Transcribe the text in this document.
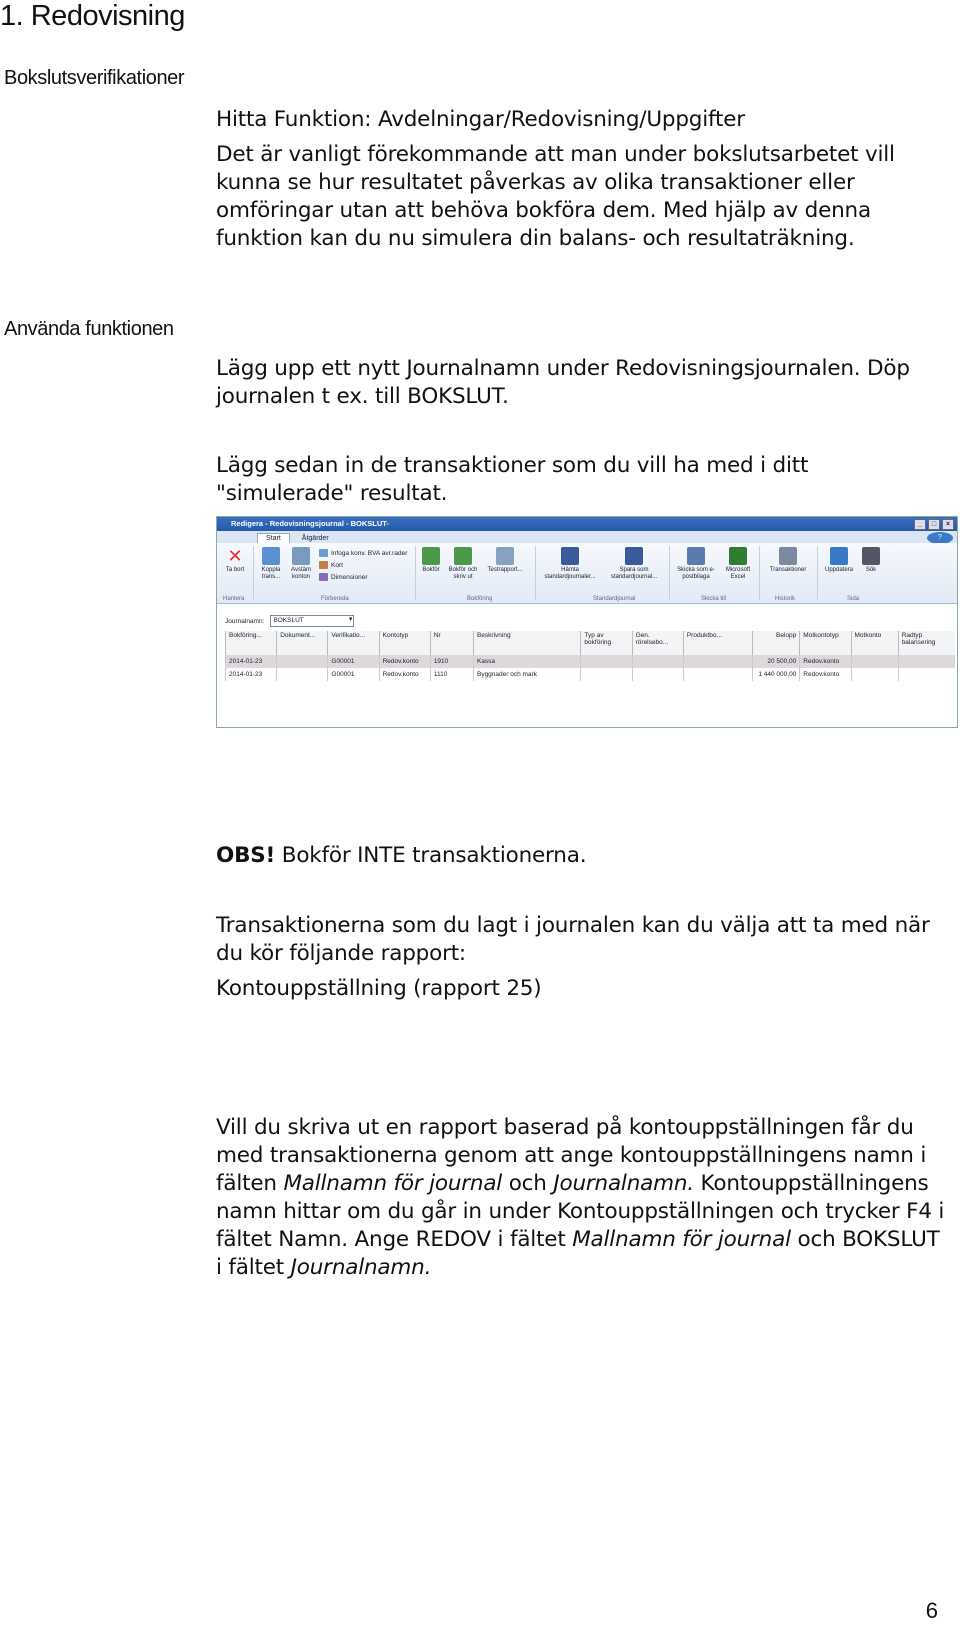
1. Redovisning
Bokslutsverifikationer
Använda funktionen

Hitta Funktion: Avdelningar/Redovisning/Uppgifter

Det är vanligt förekommande att man under bokslutsarbetet vill kunna se hur resultatet påverkas av olika transaktioner eller omföringar utan att behöva bokföra dem. Med hjälp av denna funktion kan du nu simulera din balans- och resultaträkning.

Lägg upp ett nytt Journalnamn under Redovisningsjournalen. Döp journalen t ex. till BOKSLUT.

Lägg sedan in de transaktioner som du vill ha med i ditt "simulerade" resultat.

Redigera - Redovisningsjournal - BOKSLUT-	_	□	×
Start	Åtgärder	?
✕
Ta bort	Koppla trans...
Avstäm konton
Infoga konv. BVA avr.rader
Kort
Dimensioner
Bokför	Bokför och skriv ut
Testrapport...	Hämta standardjournaler...
Spara som standardjournal...
Skicka som e-postbilaga
Microsoft Excel
Transaktioner	Uppdatera	Sök
Hantera	Förbereda	Bokföring	Standardjournal	Skicka till	Historik	Sida
Journalnamn:	BOKSLUT ▾
Bokföring...	Dokument...	Verifikatio...	Kontotyp	Nr	Beskrivning	Typ av bokföring	Gen. rörelsebo...	Produktbo...	Belopp	Motkontotyp	Motkonto	Radtyp balansering
2014-01-23		G00001	Redov.konto	1910	Kassa				20 500,00	Redov.konto		
2014-01-23		G00001	Redov.konto	1110	Byggnader och mark				1 440 000,00	Redov.konto		

OBS! Bokför INTE transaktionerna.

Transaktionerna som du lagt i journalen kan du välja att ta med när du kör följande rapport:

Kontouppställning (rapport 25)

Vill du skriva ut en rapport baserad på kontouppställningen får du med transaktionerna genom att ange kontouppställningens namn i fälten Mallnamn för journal och Journalnamn. Kontouppställningens namn hittar om du går in under Kontouppställningen och trycker F4 i fältet Namn. Ange REDOV i fältet Mallnamn för journal och BOKSLUT i fältet Journalnamn.

6
